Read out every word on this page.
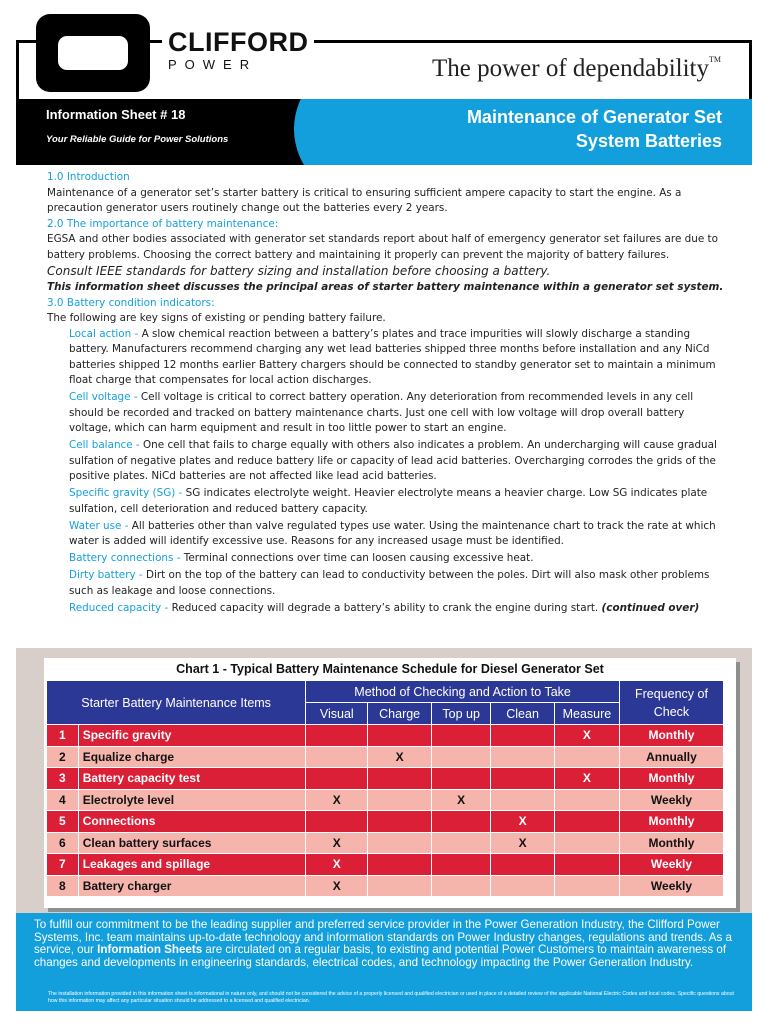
CLIFFORD
POWER	The power of dependability™
Information Sheet # 18
Your Reliable Guide for Power Solutions
Maintenance of Generator Set
System Batteries

1.0 Introduction

Maintenance of a generator set’s starter battery is critical to ensuring sufficient ampere capacity to start the engine. As a precaution generator users routinely change out the batteries every 2 years.

2.0 The importance of battery maintenance:

EGSA and other bodies associated with generator set standards report about half of emergency generator set failures are due to battery problems. Choosing the correct battery and maintaining it properly can prevent the majority of battery failures.

Consult IEEE standards for battery sizing and installation before choosing a battery.

This information sheet discusses the principal areas of starter battery maintenance within a generator set system.

3.0 Battery condition indicators:

The following are key signs of existing or pending battery failure.

Local action - A slow chemical reaction between a battery’s plates and trace impurities will slowly discharge a standing battery. Manufacturers recommend charging any wet lead batteries shipped three months before installation and any NiCd batteries shipped 12 months earlier Battery chargers should be connected to standby generator set to maintain a minimum float charge that compensates for local action discharges.

Cell voltage - Cell voltage is critical to correct battery operation. Any deterioration from recommended levels in any cell should be recorded and tracked on battery maintenance charts. Just one cell with low voltage will drop overall battery voltage, which can harm equipment and result in too little power to start an engine.

Cell balance - One cell that fails to charge equally with others also indicates a problem. An undercharging will cause gradual sulfation of negative plates and reduce battery life or capacity of lead acid batteries. Overcharging corrodes the grids of the positive plates. NiCd batteries are not affected like lead acid batteries.

Specific gravity (SG) - SG indicates electrolyte weight. Heavier electrolyte means a heavier charge. Low SG indicates plate sulfation, cell deterioration and reduced battery capacity.

Water use - All batteries other than valve regulated types use water. Using the maintenance chart to track the rate at which water is added will identify excessive use. Reasons for any increased usage must be identified.

Battery connections - Terminal connections over time can loosen causing excessive heat.

Dirty battery - Dirt on the top of the battery can lead to conductivity between the poles. Dirt will also mask other problems such as leakage and loose connections.

Reduced capacity - Reduced capacity will degrade a battery’s ability to crank the engine during start. (continued over)

Chart 1 - Typical Battery Maintenance Schedule for Diesel Generator Set
Starter Battery Maintenance Items		Method of Checking and Action to Take					Frequency of Check
		Visual	Charge	Top up	Clean	Measure	
1	Specific gravity					X	Monthly
2	Equalize charge		X				Annually
3	Battery capacity test					X	Monthly
4	Electrolyte level	X		X			Weekly
5	Connections				X		Monthly
6	Clean battery surfaces	X			X		Monthly
7	Leakages and spillage	X					Weekly
8	Battery charger	X					Weekly
To fulfill our commitment to be the leading supplier and preferred service provider in the Power Generation Industry, the Clifford Power Systems, Inc. team maintains up-to-date technology and information standards on Power Industry changes, regulations and trends. As a service, our Information Sheets are circulated on a regular basis, to existing and potential Power Customers to maintain awareness of changes and developments in engineering standards, electrical codes, and technology impacting the Power Generation Industry.
The installation information provided in this information sheet is informational in nature only, and should not be considered the advice of a properly licensed and qualified electrician or used in place of a detailed review of the applicable National Electric Codes and local codes. Specific questions about how this information may affect any particular situation should be addressed to a licensed and qualified electrician.
